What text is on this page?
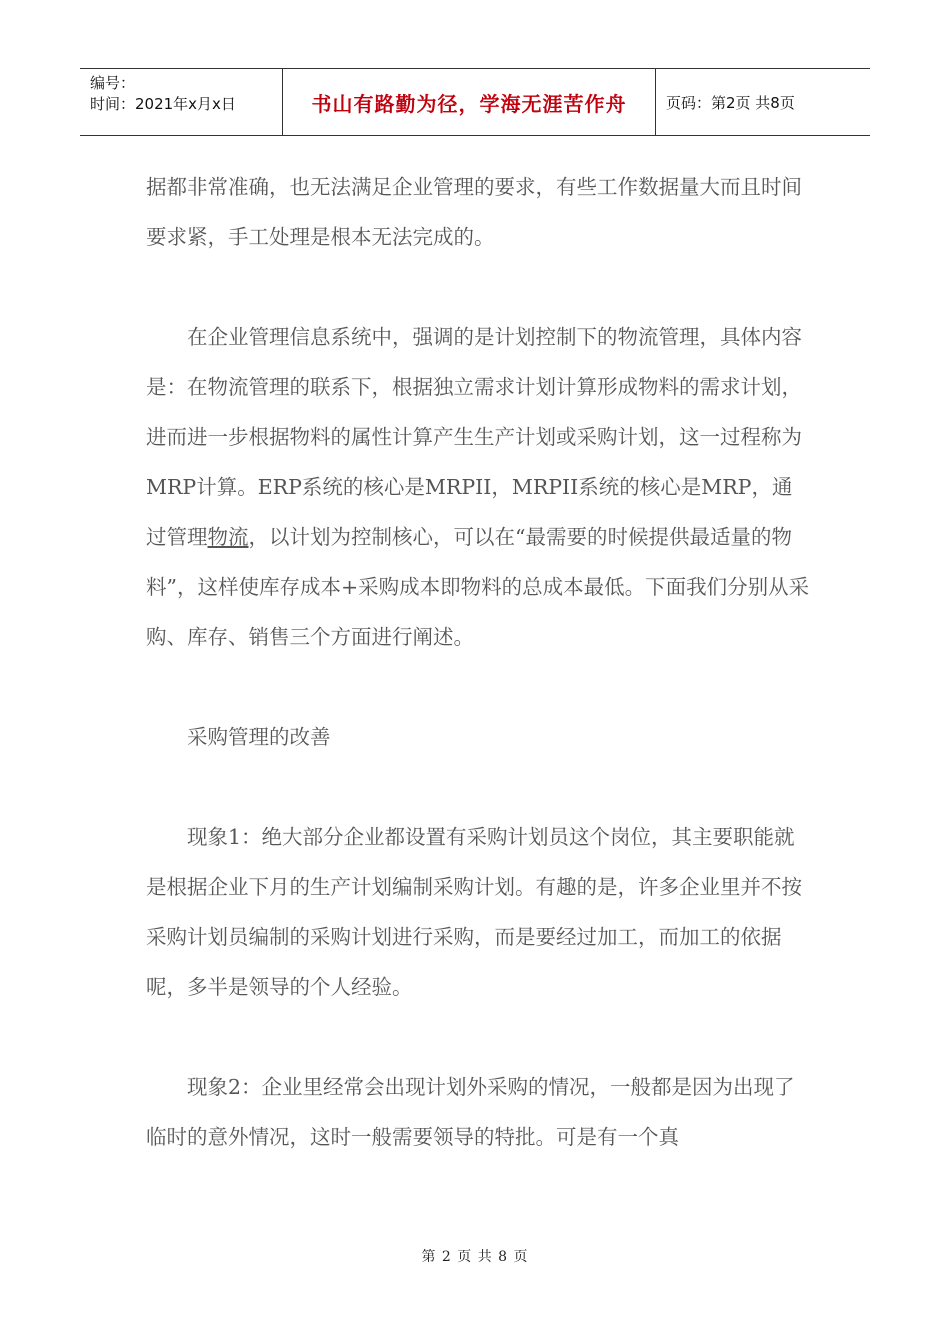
编号：
时间：2021年x月x日	书山有路勤为径，学海无涯苦作舟	页码：第2页 共8页

据都非常准确，也无法满足企业管理的要求，有些工作数据量大而且时间要求紧，手工处理是根本无法完成的。

在企业管理信息系统中，强调的是计划控制下的物流管理，具体内容是：在物流管理的联系下，根据独立需求计划计算形成物料的需求计划，进而进一步根据物料的属性计算产生生产计划或采购计划，这一过程称为MRP计算。ERP系统的核心是MRPII，MRPII系统的核心是MRP，通过管理物流，以计划为控制核心，可以在“最需要的时候提供最适量的物料”，这样使库存成本+采购成本即物料的总成本最低。下面我们分别从采购、库存、销售三个方面进行阐述。

采购管理的改善

现象1：绝大部分企业都设置有采购计划员这个岗位，其主要职能就是根据企业下月的生产计划编制采购计划。有趣的是，许多企业里并不按采购计划员编制的采购计划进行采购，而是要经过加工，而加工的依据呢，多半是领导的个人经验。

现象2：企业里经常会出现计划外采购的情况，一般都是因为出现了临时的意外情况，这时一般需要领导的特批。可是有一个真

第 2 页 共 8 页
